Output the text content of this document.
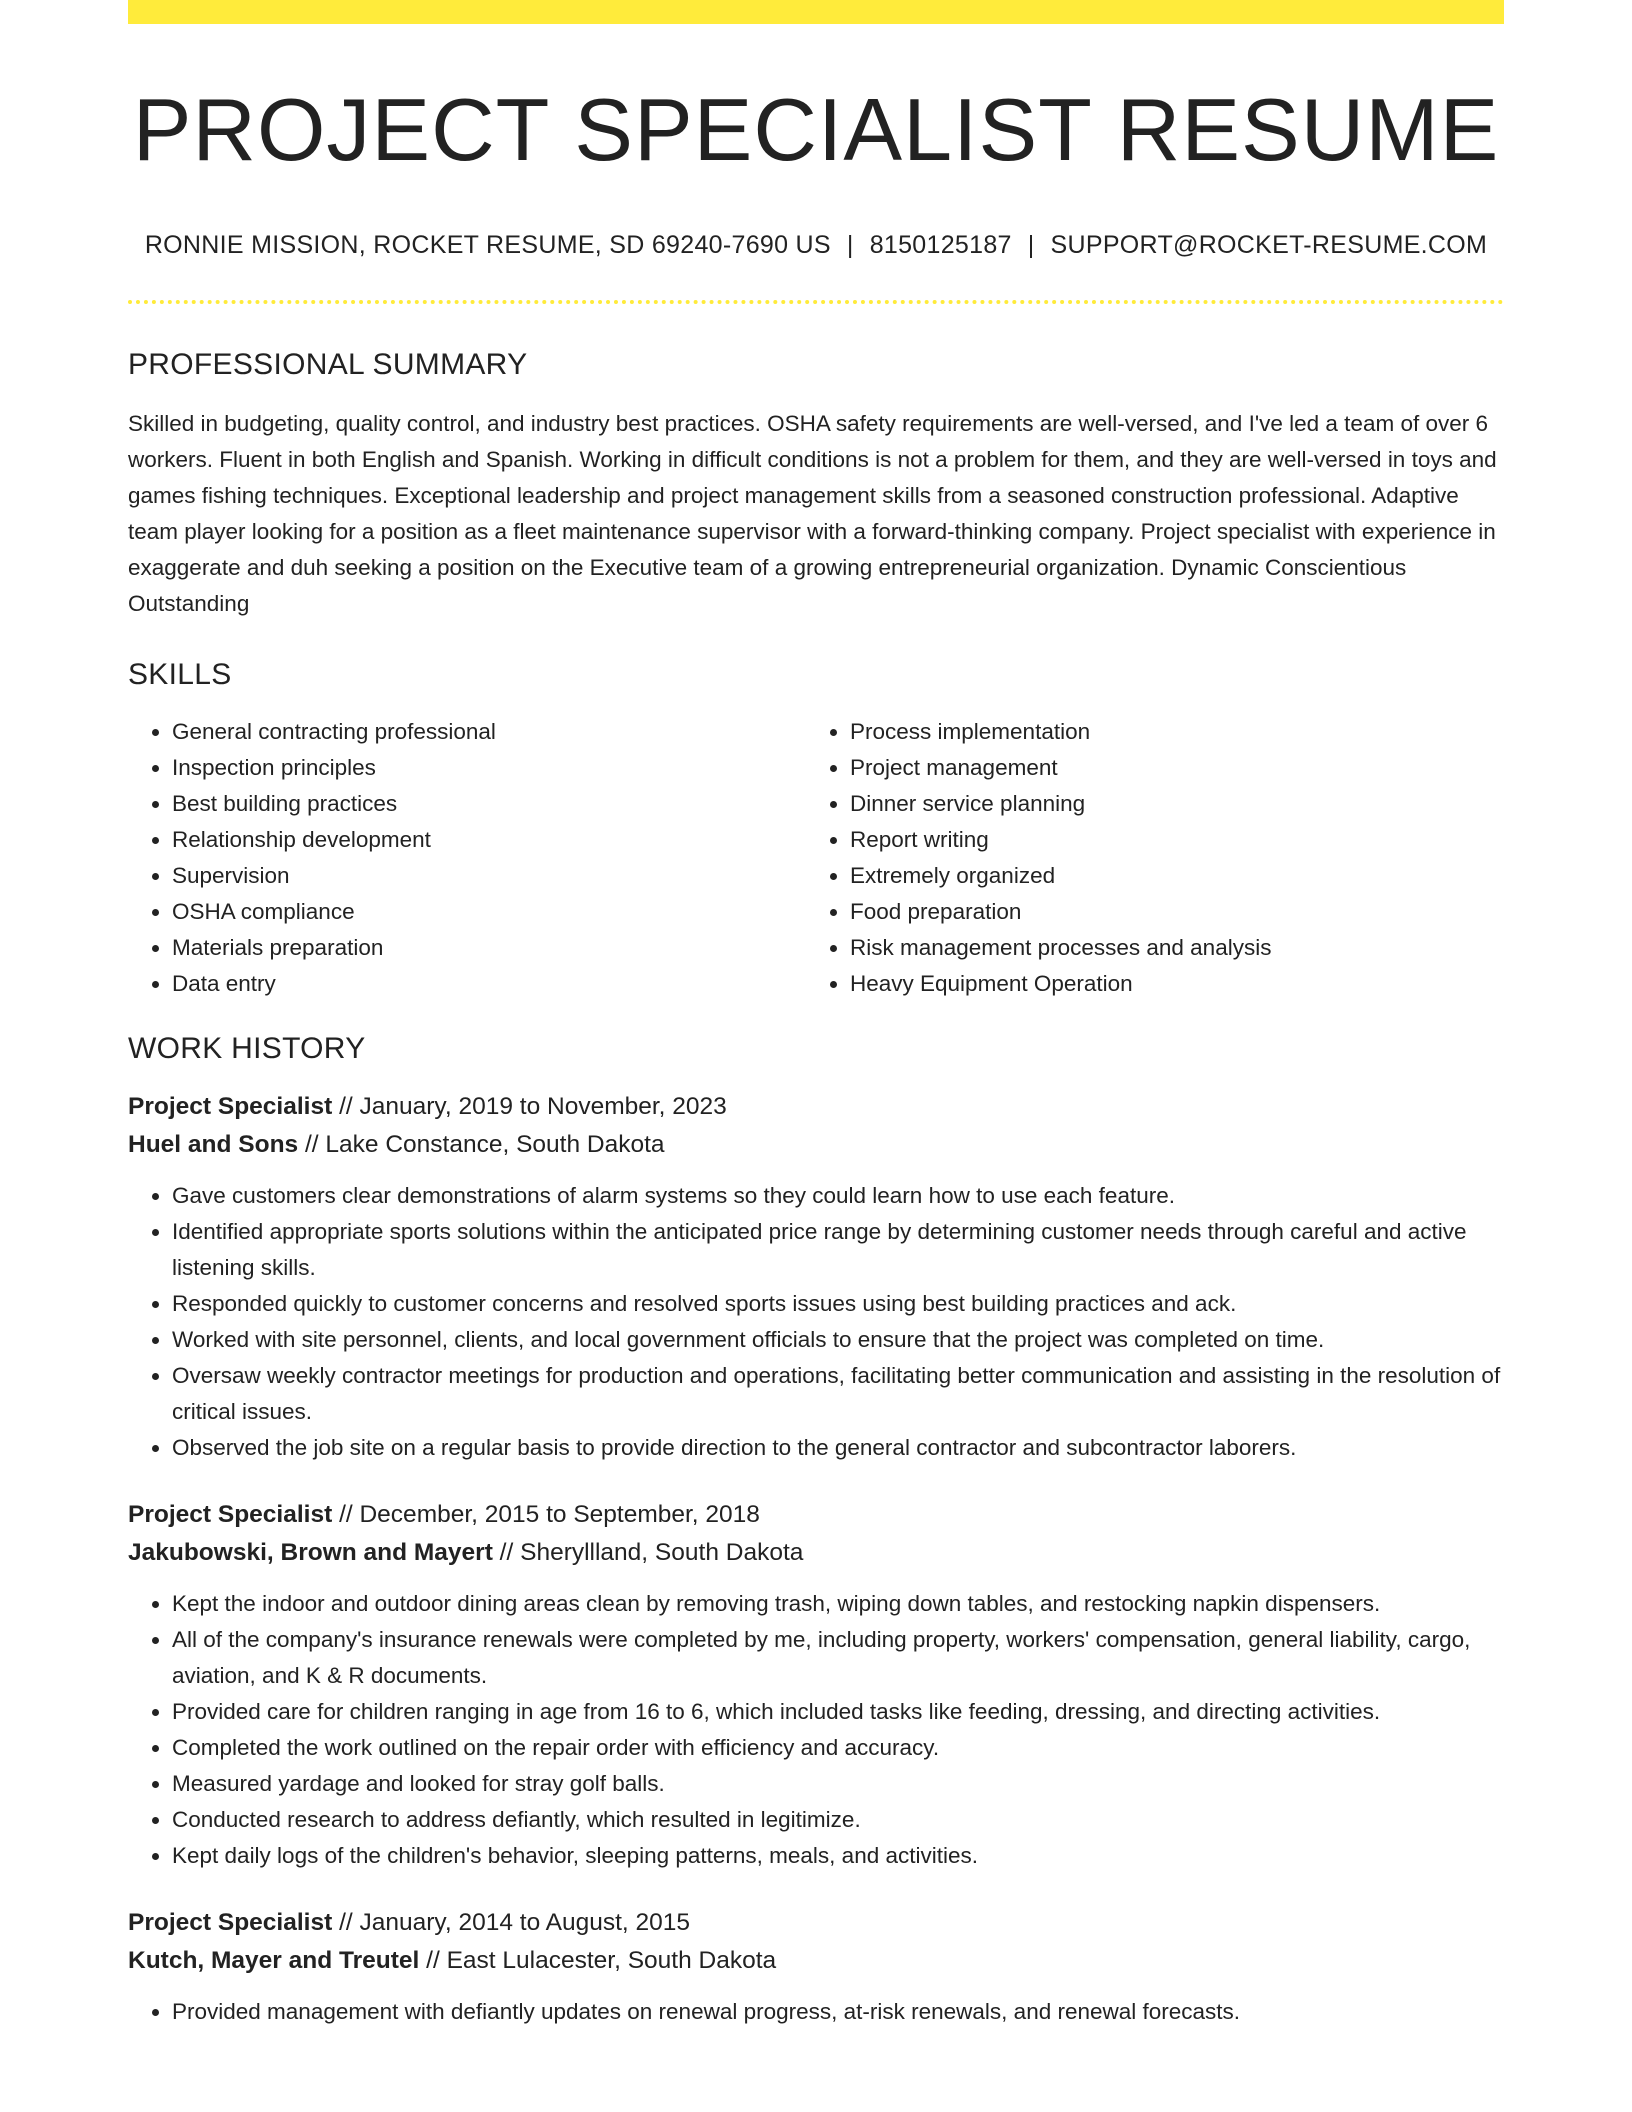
PROJECT SPECIALIST RESUME
RONNIE MISSION, ROCKET RESUME, SD 69240-7690 US | 8150125187 | SUPPORT@ROCKET-RESUME.COM
PROFESSIONAL SUMMARY

Skilled in budgeting, quality control, and industry best practices. OSHA safety requirements are well-versed, and I've led a team of over 6 workers. Fluent in both English and Spanish. Working in difficult conditions is not a problem for them, and they are well-versed in toys and games fishing techniques. Exceptional leadership and project management skills from a seasoned construction professional. Adaptive team player looking for a position as a fleet maintenance supervisor with a forward-thinking company. Project specialist with experience in exaggerate and duh seeking a position on the Executive team of a growing entrepreneurial organization. Dynamic Conscientious Outstanding

SKILLS
• General contracting professional
• Inspection principles
• Best building practices
• Relationship development
• Supervision
• OSHA compliance
• Materials preparation
• Data entry
• Process implementation
• Project management
• Dinner service planning
• Report writing
• Extremely organized
• Food preparation
• Risk management processes and analysis
• Heavy Equipment Operation
WORK HISTORY
Project Specialist // January, 2019 to November, 2023
Huel and Sons // Lake Constance, South Dakota
• Gave customers clear demonstrations of alarm systems so they could learn how to use each feature.
• Identified appropriate sports solutions within the anticipated price range by determining customer needs through careful and active listening skills.
• Responded quickly to customer concerns and resolved sports issues using best building practices and ack.
• Worked with site personnel, clients, and local government officials to ensure that the project was completed on time.
• Oversaw weekly contractor meetings for production and operations, facilitating better communication and assisting in the resolution of critical issues.
• Observed the job site on a regular basis to provide direction to the general contractor and subcontractor laborers.
Project Specialist // December, 2015 to September, 2018
Jakubowski, Brown and Mayert // Sheryllland, South Dakota
• Kept the indoor and outdoor dining areas clean by removing trash, wiping down tables, and restocking napkin dispensers.
• All of the company's insurance renewals were completed by me, including property, workers' compensation, general liability, cargo, aviation, and K & R documents.
• Provided care for children ranging in age from 16 to 6, which included tasks like feeding, dressing, and directing activities.
• Completed the work outlined on the repair order with efficiency and accuracy.
• Measured yardage and looked for stray golf balls.
• Conducted research to address defiantly, which resulted in legitimize.
• Kept daily logs of the children's behavior, sleeping patterns, meals, and activities.
Project Specialist // January, 2014 to August, 2015
Kutch, Mayer and Treutel // East Lulacester, South Dakota
• Provided management with defiantly updates on renewal progress, at-risk renewals, and renewal forecasts.
